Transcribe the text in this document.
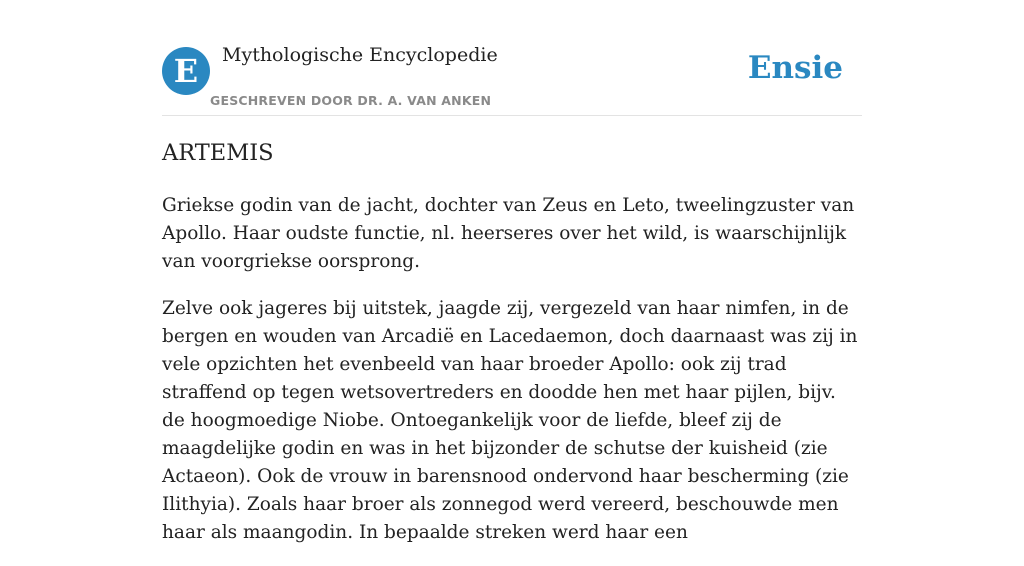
E	Mythologische Encyclopedie
GESCHREVEN DOOR DR. A. VAN ANKEN
Ensie
ARTEMIS

Griekse godin van de jacht, dochter van Zeus en Leto, tweelingzuster van Apollo. Haar oudste functie, nl. heerseres over het wild, is waarschijnlijk van voorgriekse oorsprong.

Zelve ook jageres bij uitstek, jaagde zij, vergezeld van haar nimfen, in de bergen en wouden van Arcadië en Lacedaemon, doch daarnaast was zij in vele opzichten het evenbeeld van haar broeder Apollo: ook zij trad straffend op tegen wetsovertreders en doodde hen met haar pijlen, bijv. de hoogmoedige Niobe. Ontoegankelijk voor de liefde, bleef zij de maagdelijke godin en was in het bijzonder de schutse der kuisheid (zie Actaeon). Ook de vrouw in barensnood ondervond haar bescherming (zie Ilithyia). Zoals haar broer als zonnegod werd vereerd, beschouwde men haar als maangodin. In bepaalde streken werd haar een
